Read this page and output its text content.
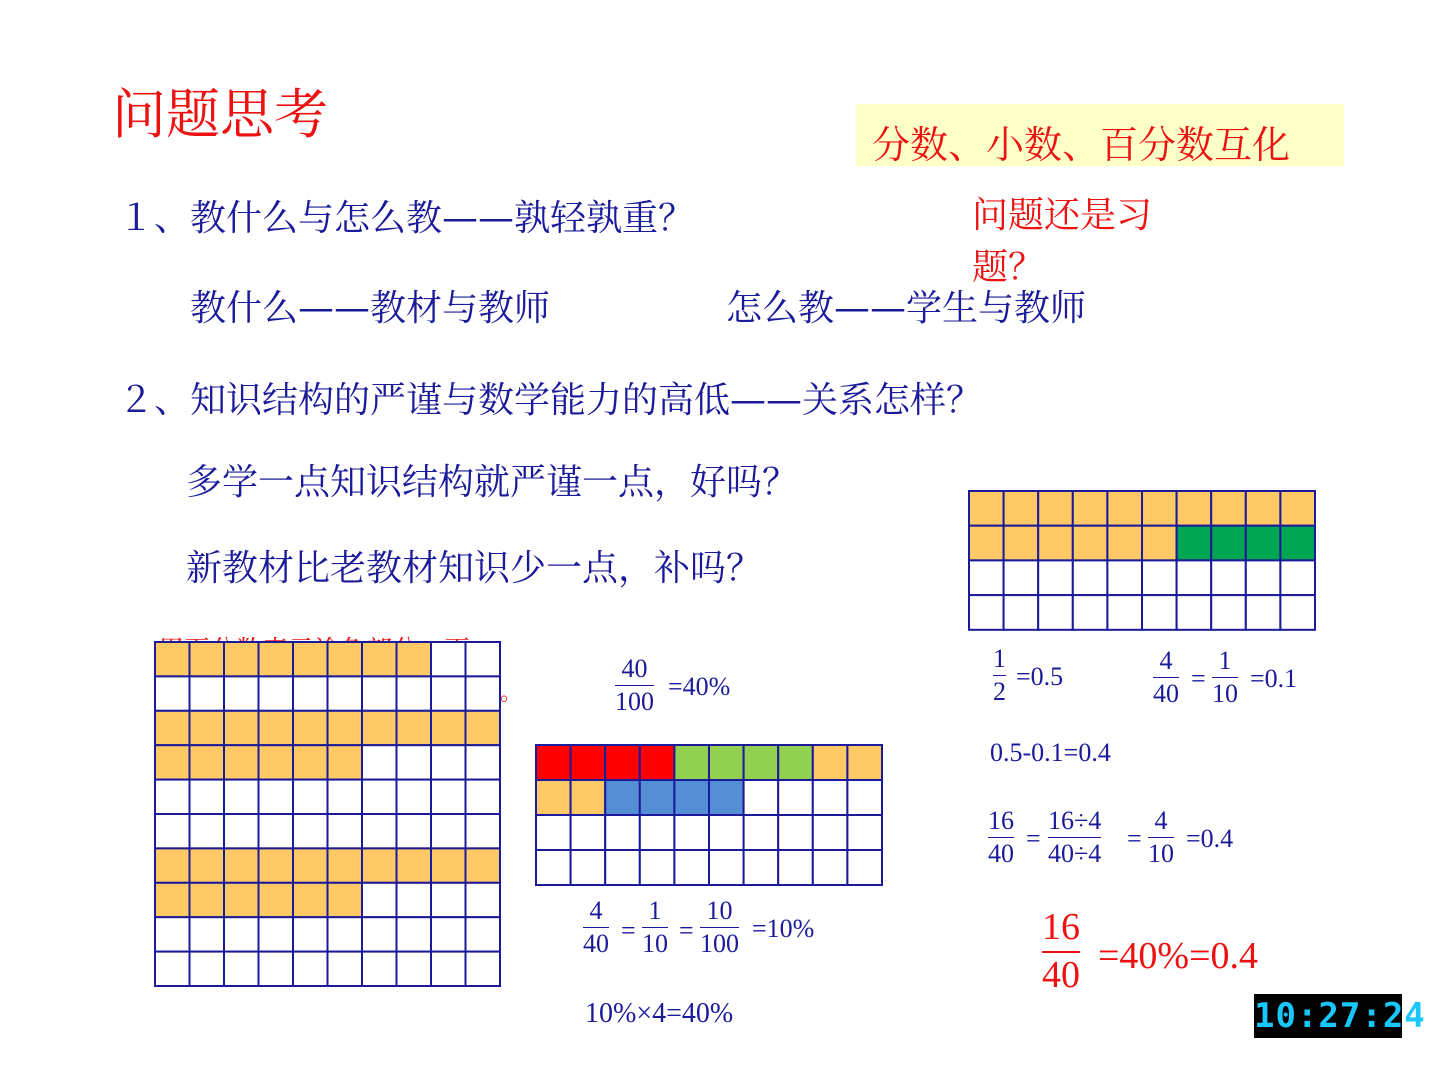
问题思考	分数、小数、百分数互化
１、教什么与怎么教——孰轻孰重？	问题还是习题？
教什么——教材与教师	怎么教——学生与教师
２、知识结构的严谨与数学能力的高低——关系怎样？
多学一点知识结构就严谨一点，好吗？
新教材比老教材知识少一点，补吗？
。
40
100
=40%
4
40 =
1
10 =
10
100
=10%
10%×4=40%
1
2
=0.5
4
40
=
1
10
=0.1
0.5-0.1=0.4
16
40
=
16÷4
40÷4
=
4
10
=0.4
16
40 =40%=0.4
10:27:24
